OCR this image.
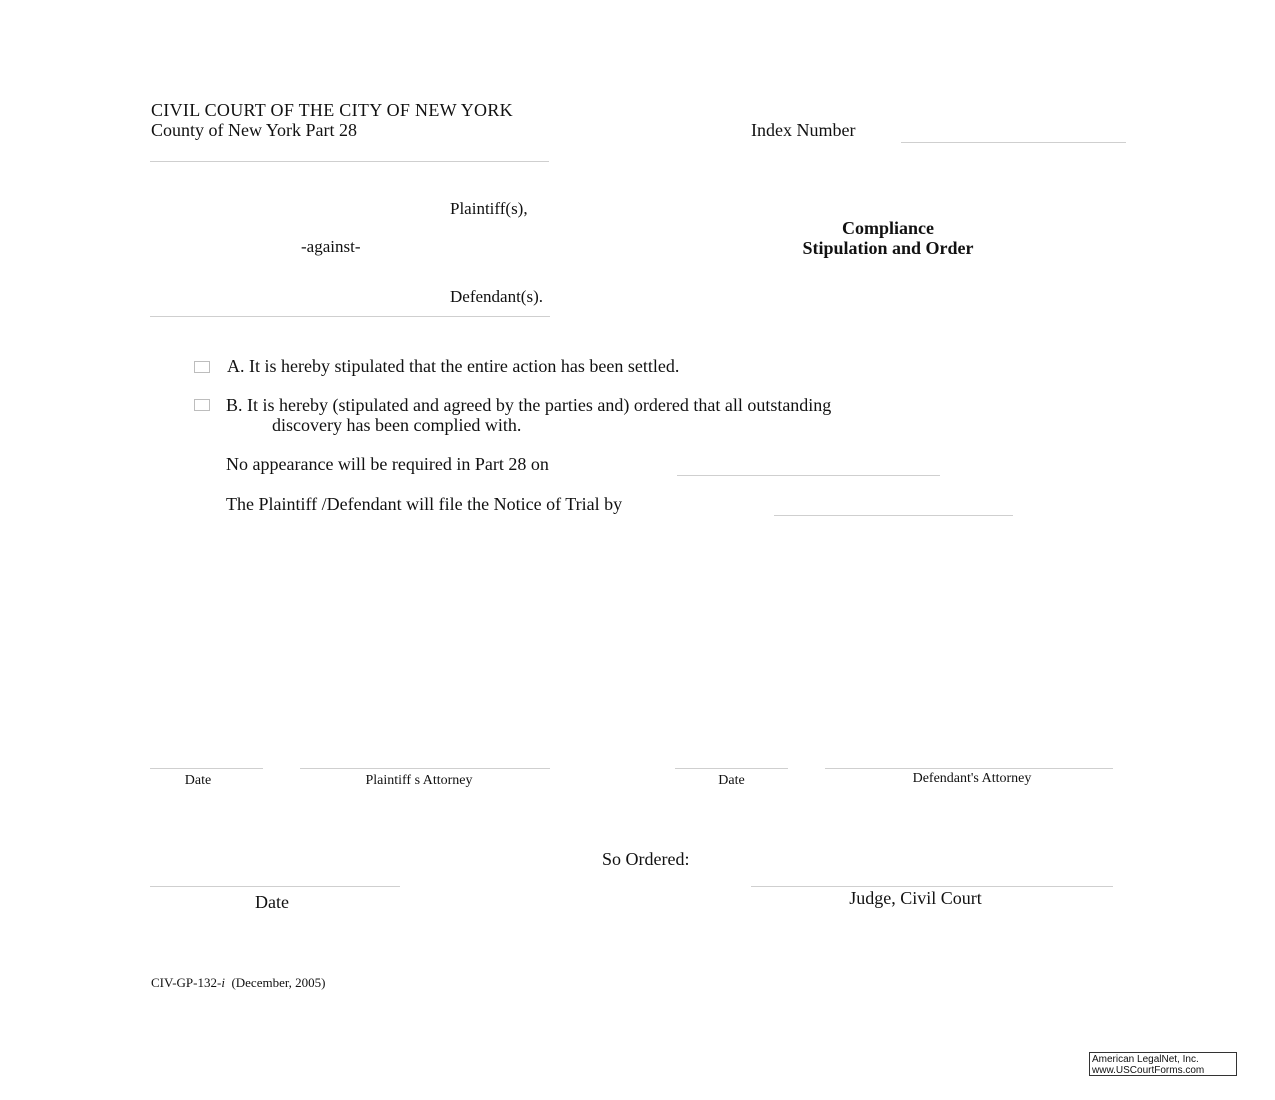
CIVIL COURT OF THE CITY OF NEW YORK
County of New York Part 28	Index Number
Plaintiff(s),
-against-
Defendant(s).
Compliance
Stipulation and Order
A. It is hereby stipulated that the entire action has been settled.
B. It is hereby (stipulated and agreed by the parties and) ordered that all outstanding
discovery has been complied with.
No appearance will be required in Part 28 on
The Plaintiff /Defendant will file the Notice of Trial by
Date	Plaintiff s Attorney	Date	Defendant's Attorney
So Ordered:
Date	Judge, Civil Court
CIV-GP-132-i (December, 2005)
American LegalNet, Inc.
www.USCourtForms.com
